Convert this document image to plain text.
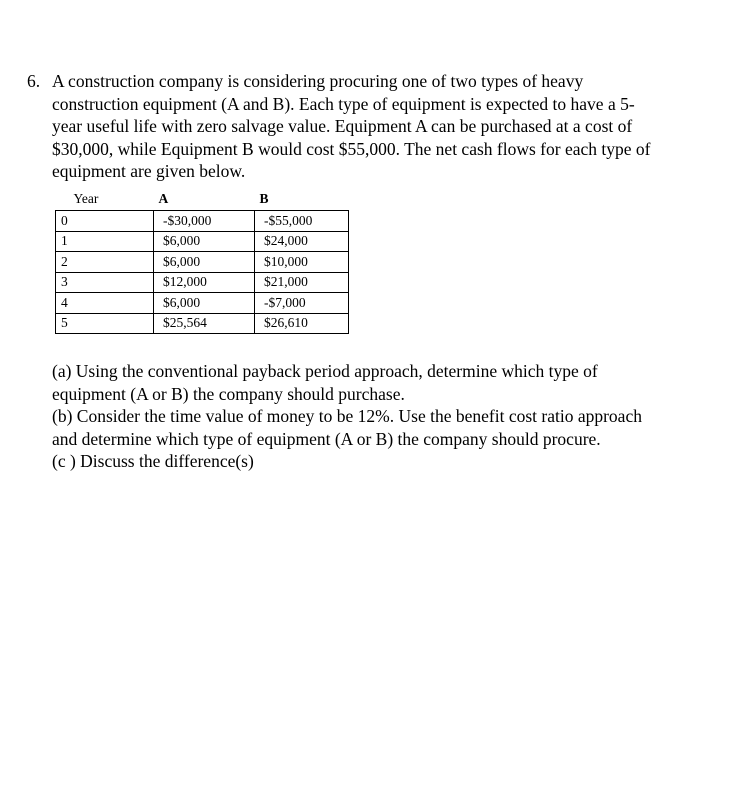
6. A construction company is considering procuring one of two types of heavy
construction equipment (A and B). Each type of equipment is expected to have a 5-
year useful life with zero salvage value. Equipment A can be purchased at a cost of
$30,000, while Equipment B would cost $55,000. The net cash flows for each type of
equipment are given below.
Year	A	B
0	-$30,000	-$55,000
1	$6,000	$24,000
2	$6,000	$10,000
3	$12,000	$21,000
4	$6,000	-$7,000
5	$25,564	$26,610
(a) Using the conventional payback period approach, determine which type of
equipment (A or B) the company should purchase.
(b) Consider the time value of money to be 12%. Use the benefit cost ratio approach
and determine which type of equipment (A or B) the company should procure.
(c ) Discuss the difference(s)
